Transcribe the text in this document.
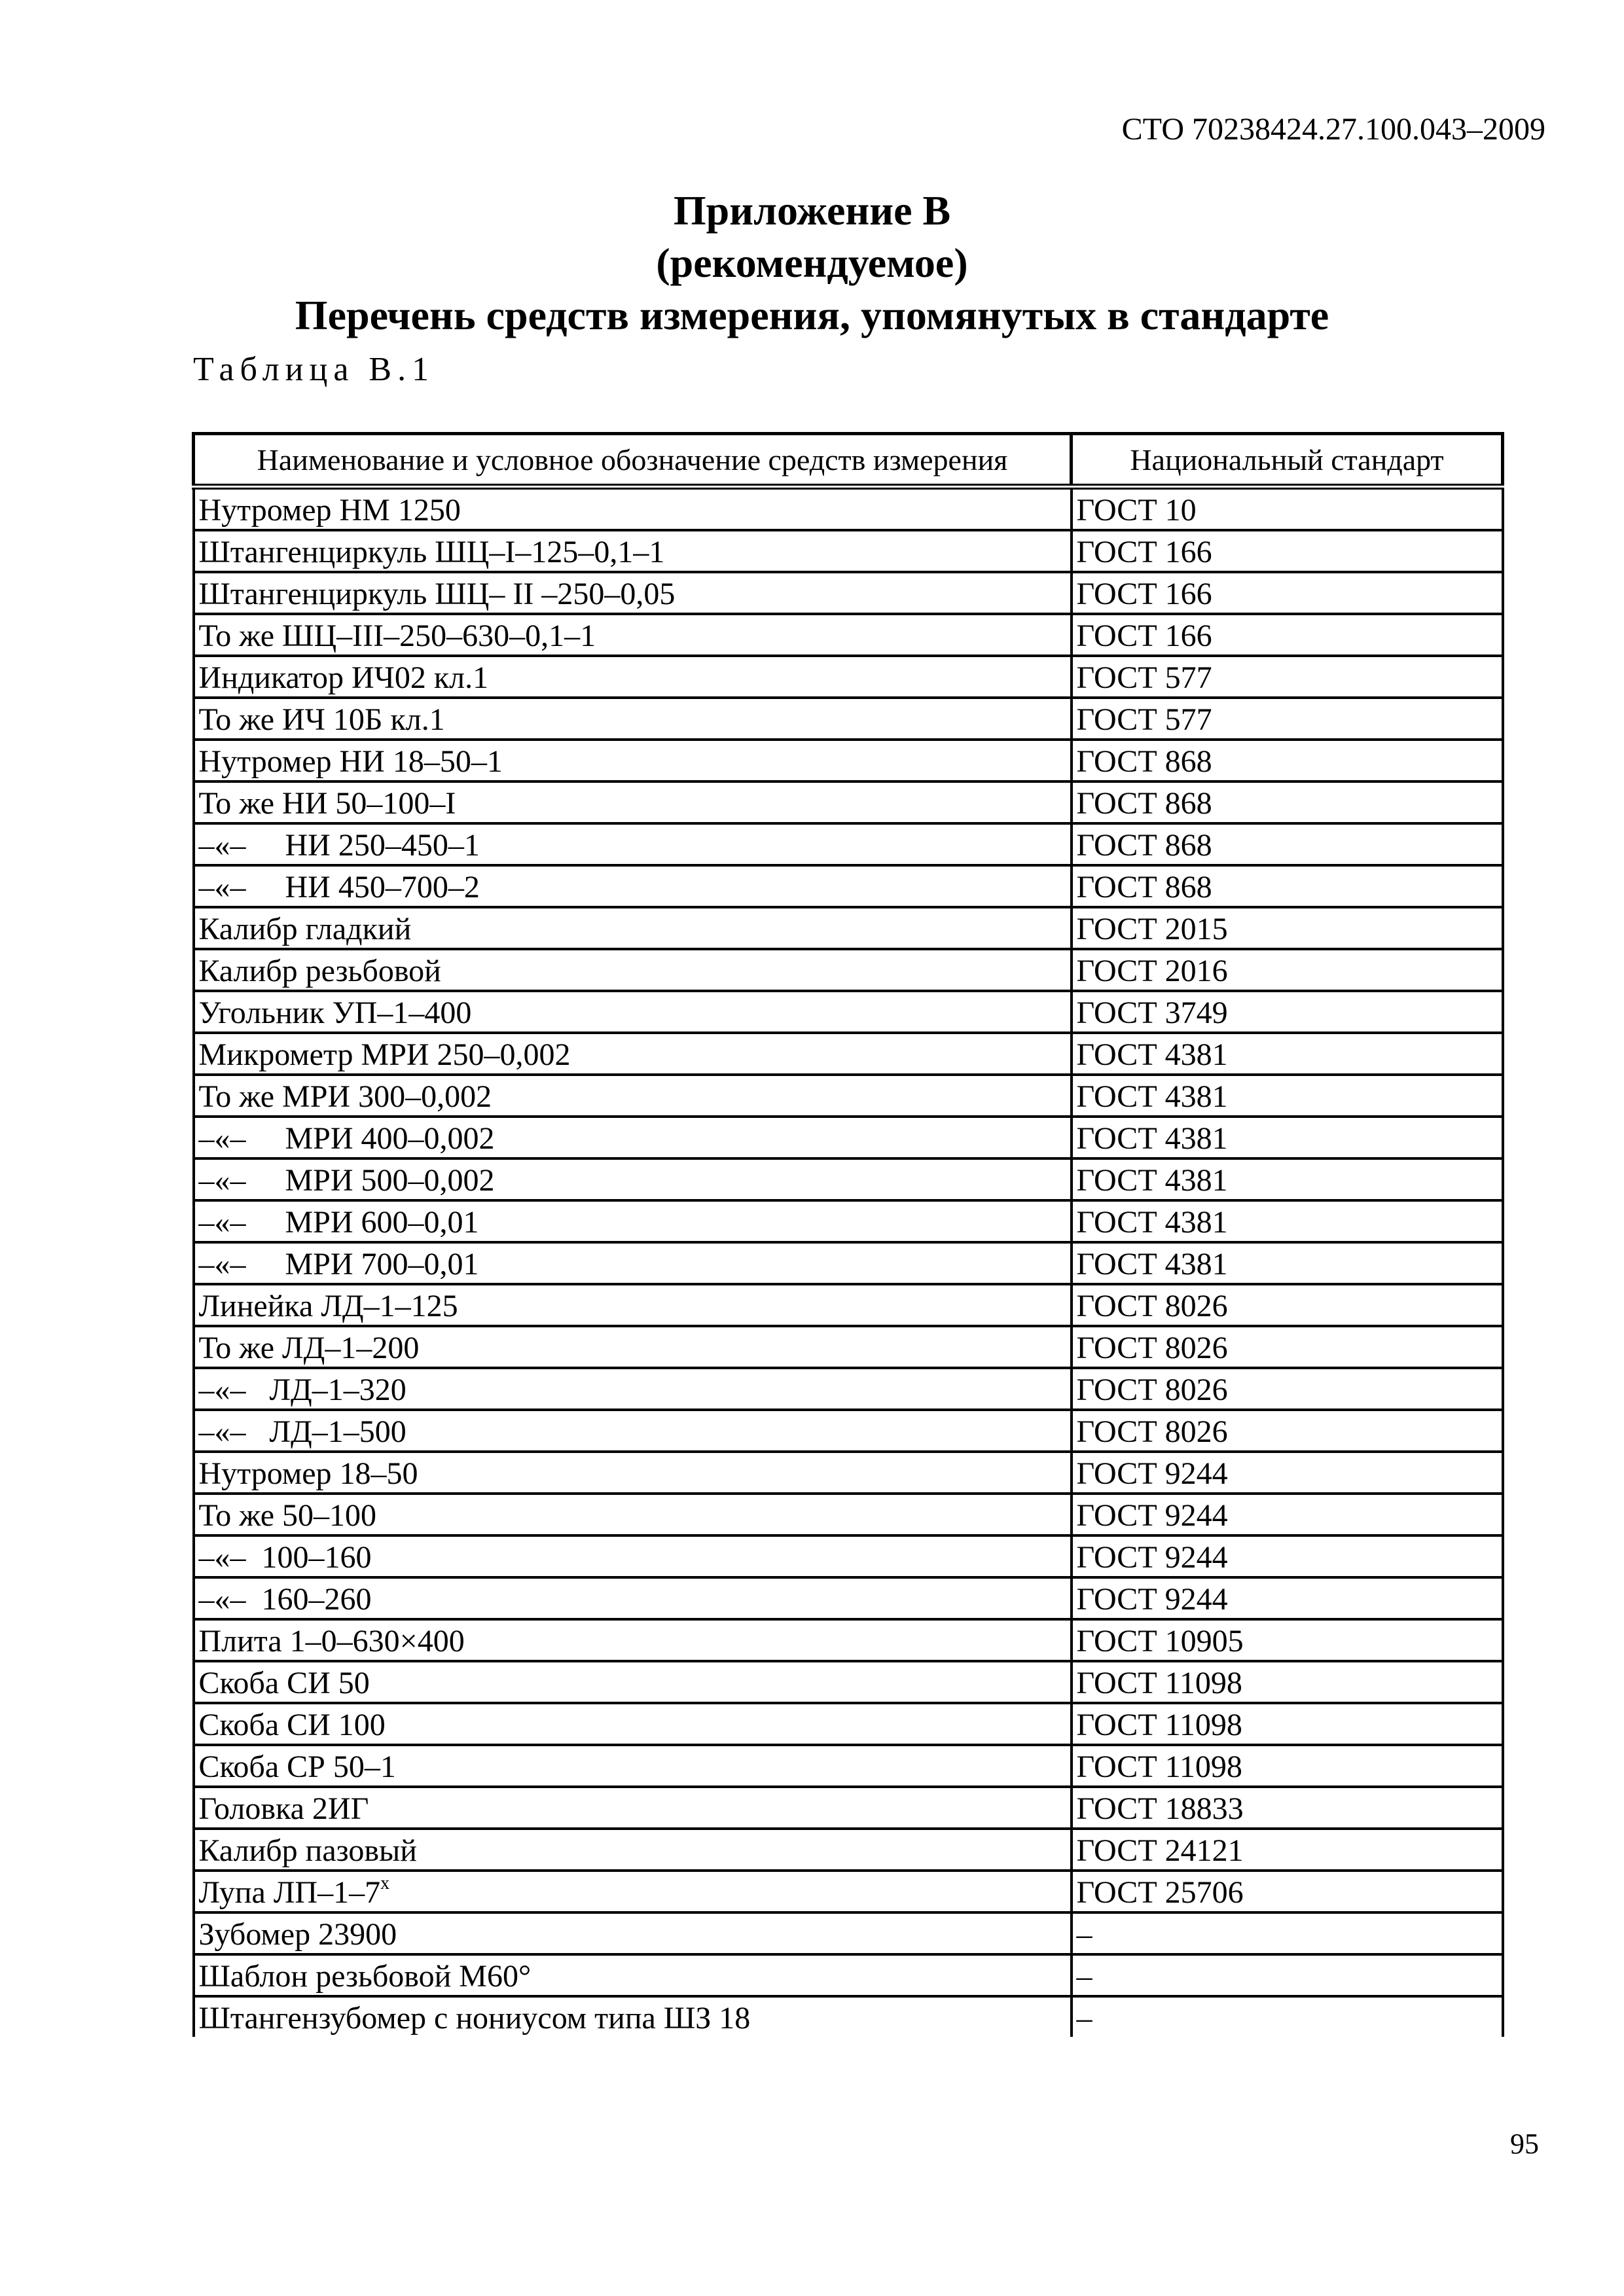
СТО 70238424.27.100.043–2009
Приложение В
(рекомендуемое)
Перечень средств измерения, упомянутых в стандарте
Таблица В.1
Наименование и условное обозначение средств измерения	Национальный стандарт
Нутромер НМ 1250	ГОСТ 10
Штангенциркуль ШЦ–I–125–0,1–1	ГОСТ 166
Штангенциркуль ШЦ– II –250–0,05	ГОСТ 166
То же ШЦ–III–250–630–0,1–1	ГОСТ 166
Индикатор ИЧ02 кл.1	ГОСТ 577
То же ИЧ 10Б кл.1	ГОСТ 577
Нутромер НИ 18–50–1	ГОСТ 868
То же НИ 50–100–I	ГОСТ 868
–«–     НИ 250–450–1	ГОСТ 868
–«–     НИ 450–700–2	ГОСТ 868
Калибр гладкий	ГОСТ 2015
Калибр резьбовой	ГОСТ 2016
Угольник УП–1–400	ГОСТ 3749
Микрометр МРИ 250–0,002	ГОСТ 4381
То же МРИ 300–0,002	ГОСТ 4381
–«–     МРИ 400–0,002	ГОСТ 4381
–«–     МРИ 500–0,002	ГОСТ 4381
–«–     МРИ 600–0,01	ГОСТ 4381
–«–     МРИ 700–0,01	ГОСТ 4381
Линейка ЛД–1–125	ГОСТ 8026
То же ЛД–1–200	ГОСТ 8026
–«–   ЛД–1–320	ГОСТ 8026
–«–   ЛД–1–500	ГОСТ 8026
Нутромер 18–50	ГОСТ 9244
То же 50–100	ГОСТ 9244
–«–  100–160	ГОСТ 9244
–«–  160–260	ГОСТ 9244
Плита 1–0–630×400	ГОСТ 10905
Скоба СИ 50	ГОСТ 11098
Скоба СИ 100	ГОСТ 11098
Скоба СР 50–1	ГОСТ 11098
Головка 2ИГ	ГОСТ 18833
Калибр пазовый	ГОСТ 24121
Лупа ЛП–1–7$^x$	ГОСТ 25706
Зубомер 23900	–
Шаблон резьбовой М60°	–
Штангензубомер с нониусом типа ШЗ 18	–
95
